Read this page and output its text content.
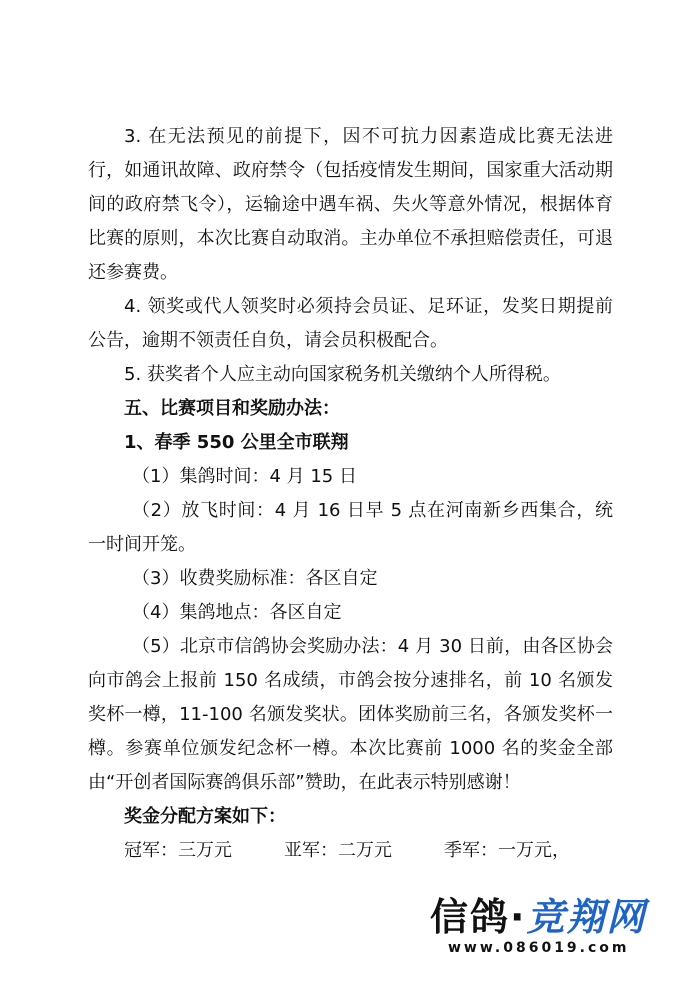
3. 在无法预见的前提下，因不可抗力因素造成比赛无法进行，如通讯故障、政府禁令（包括疫情发生期间，国家重大活动期间的政府禁飞令），运输途中遇车祸、失火等意外情况，根据体育比赛的原则，本次比赛自动取消。主办单位不承担赔偿责任，可退还参赛费。

4. 领奖或代人领奖时必须持会员证、足环证，发奖日期提前公告，逾期不领责任自负，请会员积极配合。

5. 获奖者个人应主动向国家税务机关缴纳个人所得税。

五、比赛项目和奖励办法：

1、春季 550 公里全市联翔

（1）集鸽时间：4 月 15 日

（2）放飞时间：4 月 16 日早 5 点在河南新乡西集合，统一时间开笼。

（3）收费奖励标准：各区自定

（4）集鸽地点：各区自定

（5）北京市信鸽协会奖励办法：4 月 30 日前，由各区协会向市鸽会上报前 150 名成绩，市鸽会按分速排名，前 10 名颁发奖杯一樽，11-100 名颁发奖状。团体奖励前三名，各颁发奖杯一樽。参赛单位颁发纪念杯一樽。本次比赛前 1000 名的奖金全部由“开创者国际赛鸽俱乐部”赞助，在此表示特别感谢！

奖金分配方案如下：

冠军：三万元	亚军：二万元	季军：一万元，
信鸽·竞翔网
www.086019.com
